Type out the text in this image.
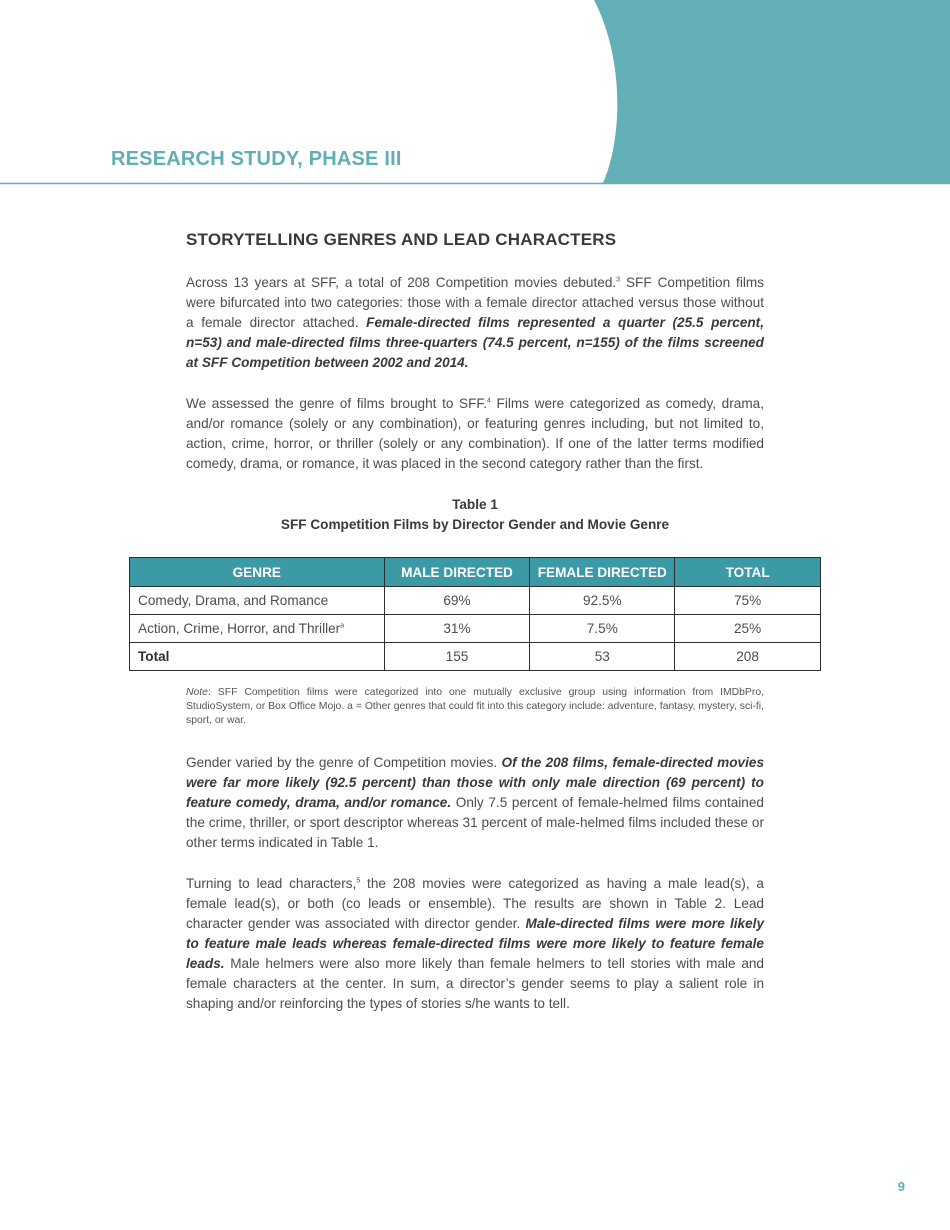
RESEARCH STUDY, PHASE III
STORYTELLING GENRES AND LEAD CHARACTERS

Across 13 years at SFF, a total of 208 Competition movies debuted.$^3$ SFF Competition films were bifurcated into two categories: those with a female director attached versus those without a female director attached. Female-directed films represented a quarter (25.5 percent, n=53) and male-directed films three-quarters (74.5 percent, n=155) of the films screened at SFF Competition between 2002 and 2014.

We assessed the genre of films brought to SFF.$^4$ Films were categorized as comedy, drama, and/or romance (solely or any combination), or featuring genres including, but not limited to, action, crime, horror, or thriller (solely or any combination). If one of the latter terms modified comedy, drama, or romance, it was placed in the second category rather than the first.

Table 1
SFF Competition Films by Director Gender and Movie Genre
GENRE	MALE DIRECTED	FEMALE DIRECTED	TOTAL
Comedy, Drama, and Romance	69%	92.5%	75%
Action, Crime, Horror, and Thriller$^a$	31%	7.5%	25%
Total	155	53	208

Note: SFF Competition films were categorized into one mutually exclusive group using information from IMDbPro, StudioSystem, or Box Office Mojo. a = Other genres that could fit into this category include: adventure, fantasy, mystery, sci-fi, sport, or war.

Gender varied by the genre of Competition movies. Of the 208 films, female-directed movies were far more likely (92.5 percent) than those with only male direction (69 percent) to feature comedy, drama, and/or romance. Only 7.5 percent of female-helmed films contained the crime, thriller, or sport descriptor whereas 31 percent of male-helmed films included these or other terms indicated in Table 1.

Turning to lead characters,$^5$ the 208 movies were categorized as having a male lead(s), a female lead(s), or both (co leads or ensemble). The results are shown in Table 2. Lead character gender was associated with director gender. Male-directed films were more likely to feature male leads whereas female-directed films were more likely to feature female leads. Male helmers were also more likely than female helmers to tell stories with male and female characters at the center. In sum, a director’s gender seems to play a salient role in shaping and/or reinforcing the types of stories s/he wants to tell.

9
